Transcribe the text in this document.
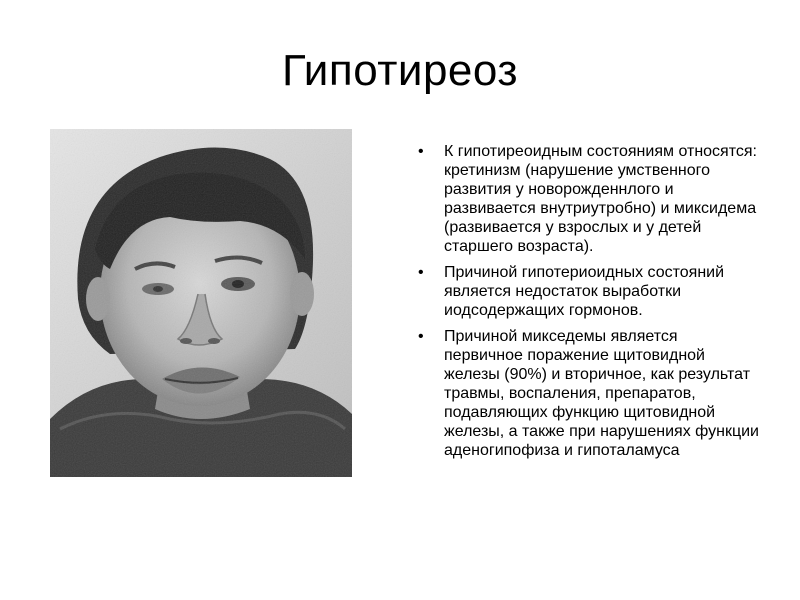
Гипотиреоз
• К гипотиреоидным состояниям относятся: кретинизм (нарушение умственного развития у новорожденнлого и развивается внутриутробно) и миксидема (развивается у взрослых и у детей старшего возраста).
• Причиной гипотериоидных состояний является недостаток выработки иодсодержащих гормонов.
• Причиной микседемы является первичное поражение щитовидной железы (90%) и вторичное, как результат травмы, воспаления, препаратов, подавляющих функцию щитовидной железы, а также при нарушениях функции аденогипофиза и гипоталамуса
